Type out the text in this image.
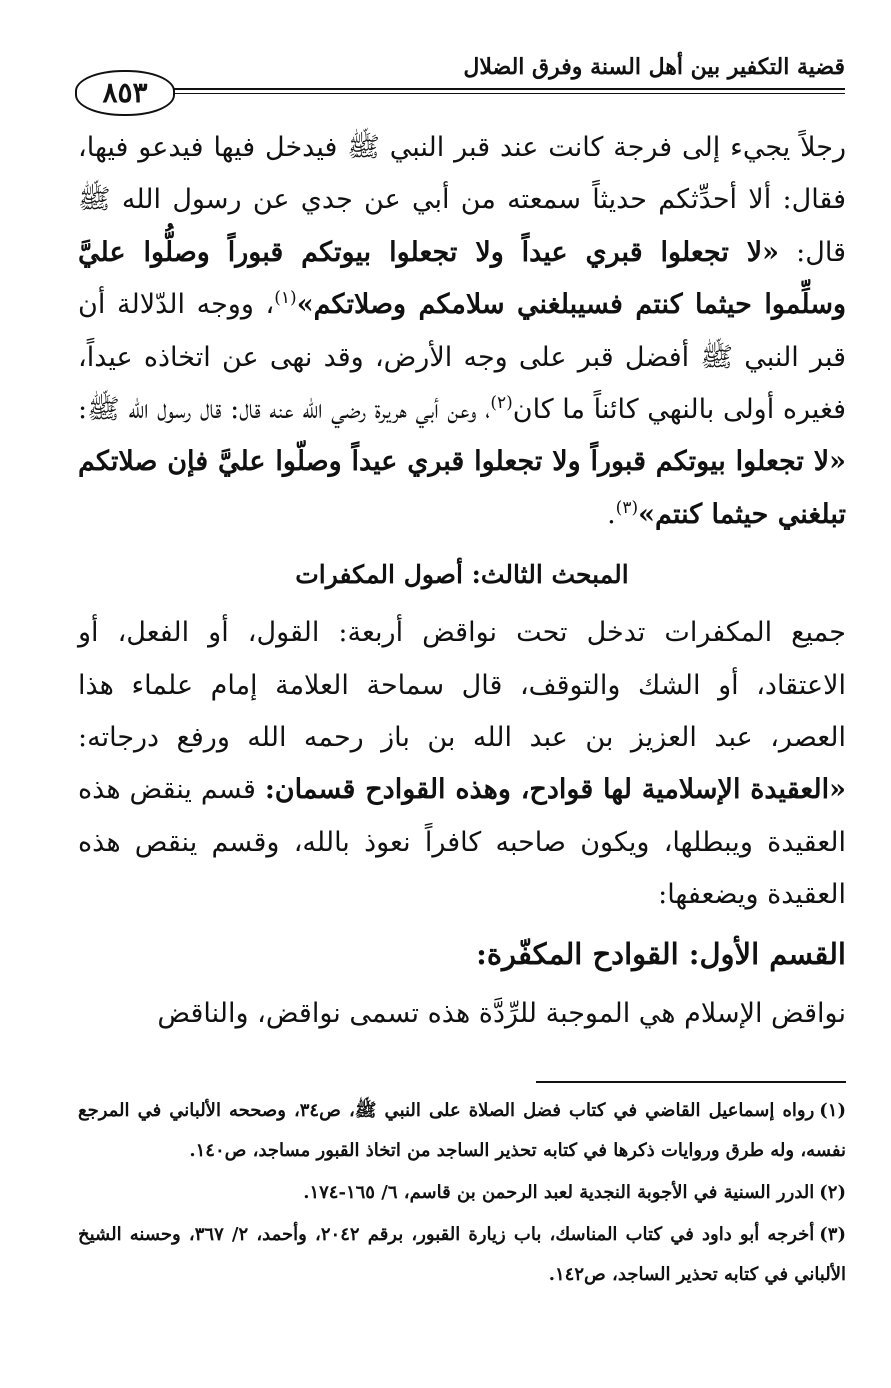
قضية التكفير بين أهل السنة وفرق الضلال
٨٥٣

رجلاً يجيء إلى فرجة كانت عند قبر النبي ﷺ فيدخل فيها فيدعو فيها، فقال: ألا أحدِّثكم حديثاً سمعته من أبي عن جدي عن رسول الله ﷺ قال: «لا تجعلوا قبري عيداً ولا تجعلوا بيوتكم قبوراً وصلُّوا عليَّ وسلِّموا حيثما كنتم فسيبلغني سلامكم وصلاتكم»$^{(١)}$، ووجه الدّلالة أن قبر النبي ﷺ أفضل قبر على وجه الأرض، وقد نهى عن اتخاذه عيداً، فغيره أولى بالنهي كائناً ما كان$^{(٢)}$، وعن أبي هريرة رضي الله عنه قال: قال رسول الله ﷺ: «لا تجعلوا بيوتكم قبوراً ولا تجعلوا قبري عيداً وصلّوا عليَّ فإن صلاتكم تبلغني حيثما كنتم»$^{(٣)}$.

المبحث الثالث: أصول المكفرات

جميع المكفرات تدخل تحت نواقض أربعة: القول، أو الفعل، أو الاعتقاد، أو الشك والتوقف، قال سماحة العلامة إمام علماء هذا العصر، عبد العزيز بن عبد الله بن باز رحمه الله ورفع درجاته: «العقيدة الإسلامية لها قوادح، وهذه القوادح قسمان: قسم ينقض هذه العقيدة ويبطلها، ويكون صاحبه كافراً نعوذ بالله، وقسم ينقص هذه العقيدة ويضعفها:

القسم الأول: القوادح المكفّرة:

نواقض الإسلام هي الموجبة للرِّدَّة هذه تسمى نواقض، والناقض

(١)رواه إسماعيل القاضي في كتاب فضل الصلاة على النبي ﷺ، ص٣٤، وصححه الألباني في المرجع نفسه، وله طرق وروايات ذكرها في كتابه تحذير الساجد من اتخاذ القبور مساجد، ص١٤٠.

(٢)الدرر السنية في الأجوبة النجدية لعبد الرحمن بن قاسم، ٦/ ١٦٥-١٧٤.

(٣)أخرجه أبو داود في كتاب المناسك، باب زيارة القبور، برقم ٢٠٤٢، وأحمد، ٢/ ٣٦٧، وحسنه الشيخ الألباني في كتابه تحذير الساجد، ص١٤٢.
